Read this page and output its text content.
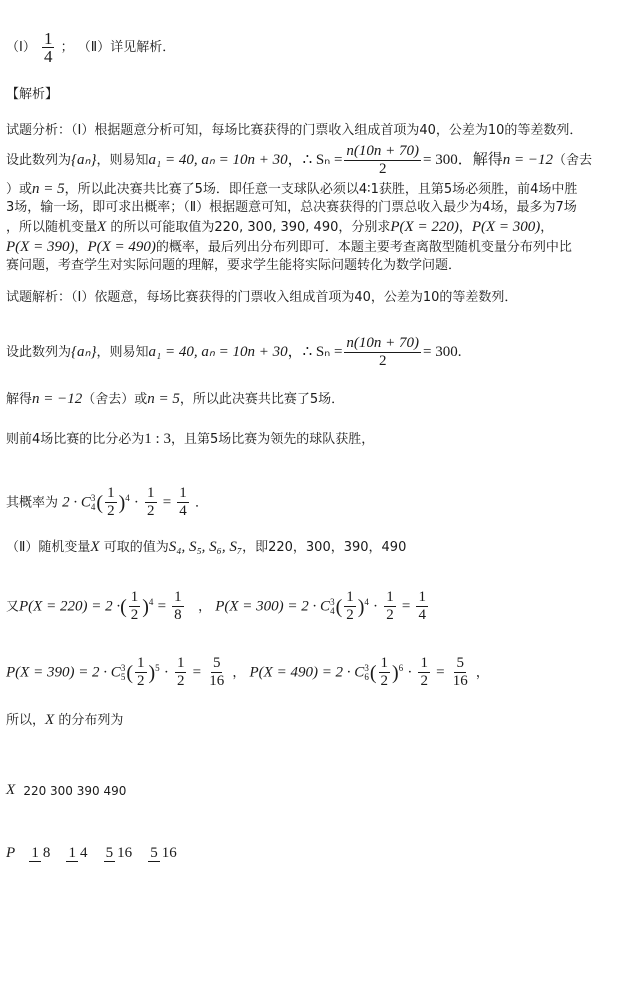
（Ⅰ） $\frac{1}{4}$ ； （Ⅱ）详见解析．
【解析】
试题分析：（Ⅰ）根据题意分析可知，每场比赛获得的门票收入组成首项为40，公差为10的等差数列．
设此数列为{aₙ}，则易知a₁ = 40, aₙ = 10n + 30，∴ $S_n = \frac{n(10n + 70)}{2} = 300$．解得n = −12（舍去
）或n = 5，所以此决赛共比赛了5场．即任意一支球队必须以4∶1获胜，且第5场必须胜，前4场中胜
3场，输一场，即可求出概率；（Ⅱ）根据题意可知，总决赛获得的门票总收入最少为4场，最多为7场
，所以随机变量X 的所以可能取值为220, 300, 390, 490，分别求P(X = 220)，P(X = 300)，
P(X = 390)，P(X = 490)的概率，最后列出分布列即可．本题主要考查离散型随机变量分布列中比
赛问题，考查学生对实际问题的理解，要求学生能将实际问题转化为数学问题．
试题解析：（Ⅰ）依题意，每场比赛获得的门票收入组成首项为40，公差为10的等差数列．
设此数列为{aₙ}，则易知a₁ = 40, aₙ = 10n + 30，∴ $S_n = \frac{n(10n + 70)}{2} = 300$.
解得n = −12（舍去）或n = 5，所以此决赛共比赛了5场．
则前4场比赛的比分必为1 : 3，且第5场比赛为领先的球队获胜，
其概率为 2 · C 3
4 ( $\frac{1}{2} )^4 \cdot \frac{1}{2} = \frac{1}{4}$ ．
（Ⅱ）随机变量X 可取的值为S₄, S₅, S₆, S₇，即220，300，390，490
又P(X = 220) = 2 ·( $\frac{1}{2} )^4 = \frac{1}{8}$ ， P(X = 300) = 2 · C 3
4 ( $\frac{1}{2} )^4 \cdot \frac{1}{2} = \frac{1}{4}$
P(X = 390) = 2 · C 3
5 ( $\frac{1}{2} )^5 \cdot \frac{1}{2} = \frac{5}{16}$ ， P(X = 490) = 2 · C 3
6 ( $\frac{1}{2} )^6 \cdot \frac{1}{2} = \frac{5}{16}$ ，
所以，X 的分布列为
X 220 300 390 490
P 1 8 1 4 5 16 5 16
